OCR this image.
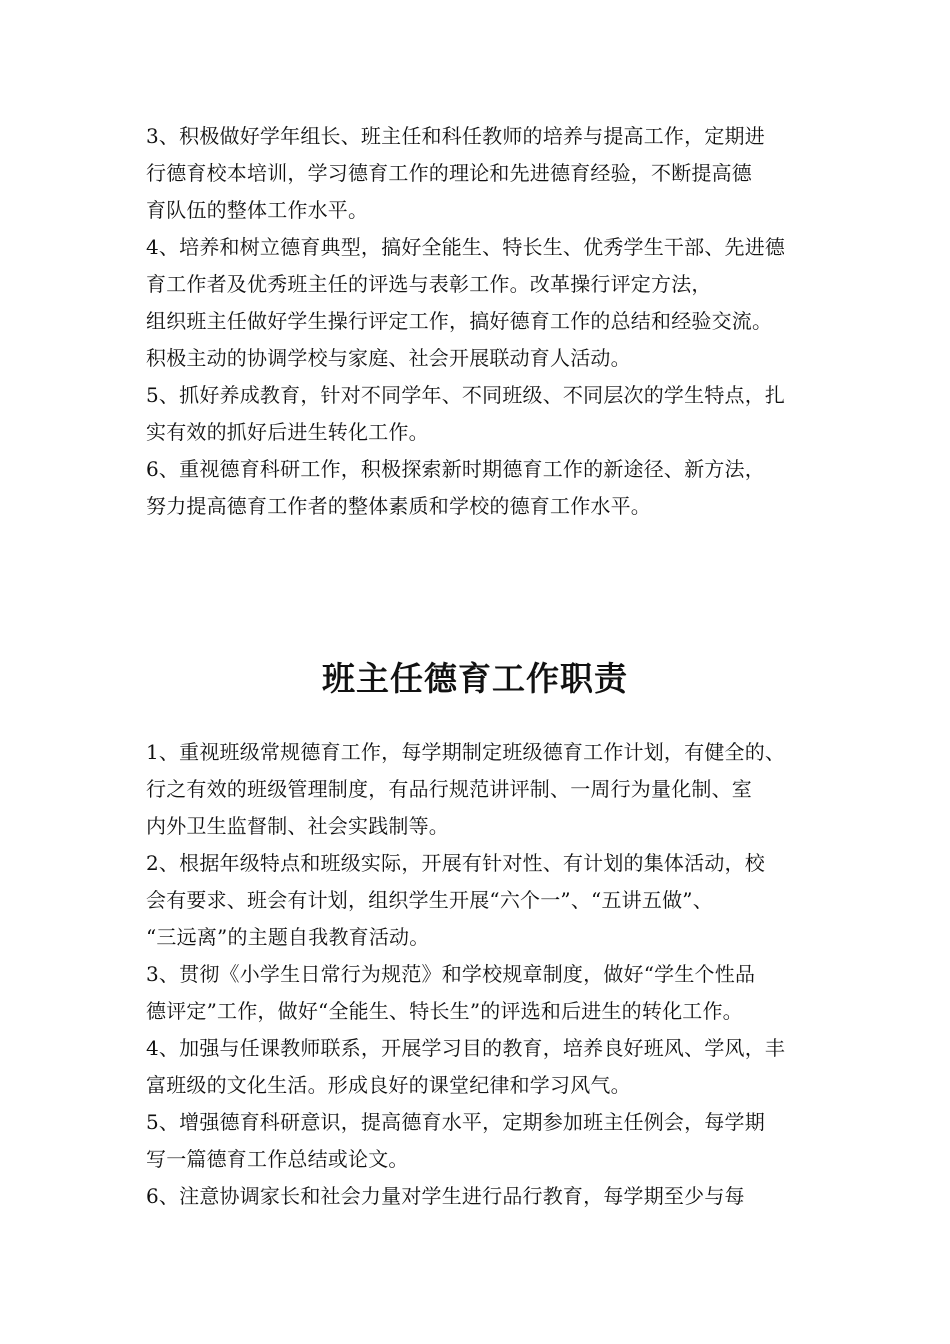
3、积极做好学年组长、班主任和科任教师的培养与提高工作，定期进
行德育校本培训，学习德育工作的理论和先进德育经验，不断提高德
育队伍的整体工作水平。
4、培养和树立德育典型，搞好全能生、特长生、优秀学生干部、先进德
育工作者及优秀班主任的评选与表彰工作。改革操行评定方法，
组织班主任做好学生操行评定工作，搞好德育工作的总结和经验交流。
积极主动的协调学校与家庭、社会开展联动育人活动。
5、抓好养成教育，针对不同学年、不同班级、不同层次的学生特点，扎
实有效的抓好后进生转化工作。
6、重视德育科研工作，积极探索新时期德育工作的新途径、新方法，
努力提高德育工作者的整体素质和学校的德育工作水平。
班主任德育工作职责
1、重视班级常规德育工作，每学期制定班级德育工作计划，有健全的、
行之有效的班级管理制度，有品行规范讲评制、一周行为量化制、室
内外卫生监督制、社会实践制等。
2、根据年级特点和班级实际，开展有针对性、有计划的集体活动，校
会有要求、班会有计划，组织学生开展“六个一”、“五讲五做”、
“三远离”的主题自我教育活动。
3、贯彻《小学生日常行为规范》和学校规章制度，做好“学生个性品
德评定”工作，做好“全能生、特长生”的评选和后进生的转化工作。
4、加强与任课教师联系，开展学习目的教育，培养良好班风、学风，丰
富班级的文化生活。形成良好的课堂纪律和学习风气。
5、增强德育科研意识，提高德育水平，定期参加班主任例会，每学期
写一篇德育工作总结或论文。
6、注意协调家长和社会力量对学生进行品行教育，每学期至少与每
